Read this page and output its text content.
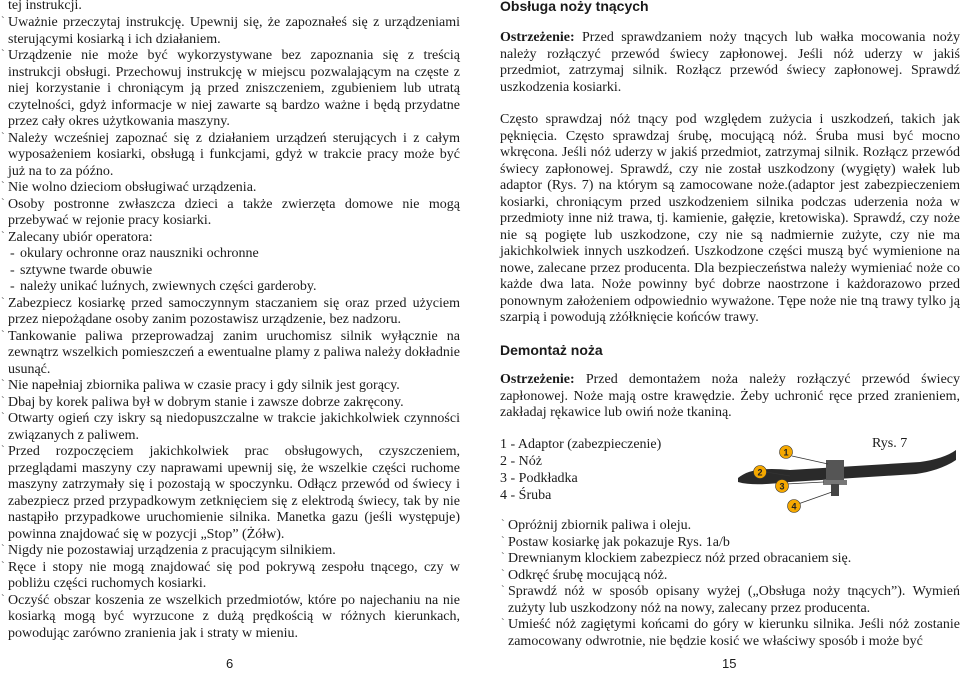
tej instrukcji.
` Uważnie przeczytaj instrukcję. Upewnij się, że zapoznałeś się z urządzeniami sterującymi kosiarką i ich działaniem.
` Urządzenie nie może być wykorzystywane bez zapoznania się z treścią instrukcji obsługi. Przechowuj instrukcję w miejscu pozwalającym na częste z niej korzystanie i chroniącym ją przed zniszczeniem, zgubieniem lub utratą czytelności, gdyż informacje w niej zawarte są bardzo ważne i będą przydatne przez cały okres użytkowania maszyny.
` Należy wcześniej zapoznać się z działaniem urządzeń sterujących i z całym wyposażeniem kosiarki, obsługą i funkcjami, gdyż w trakcie pracy może być już na to za późno.
` Nie wolno dzieciom obsługiwać urządzenia.
` Osoby postronne zwłaszcza dzieci a także zwierzęta domowe nie mogą przebywać w rejonie pracy kosiarki.
` Zalecany ubiór operatora:
- okulary ochronne oraz nauszniki ochronne
- sztywne twarde obuwie
- należy unikać luźnych, zwiewnych części garderoby.
` Zabezpiecz kosiarkę przed samoczynnym staczaniem się oraz przed użyciem przez niepożądane osoby zanim pozostawisz urządzenie, bez nadzoru.
` Tankowanie paliwa przeprowadzaj zanim uruchomisz silnik wyłącznie na zewnątrz wszelkich pomieszczeń a ewentualne plamy z paliwa należy dokładnie usunąć.
` Nie napełniaj zbiornika paliwa w czasie pracy i gdy silnik jest gorący.
` Dbaj by korek paliwa był w dobrym stanie i zawsze dobrze zakręcony.
` Otwarty ogień czy iskry są niedopuszczalne w trakcie jakichkolwiek czynności związanych z paliwem.
` Przed rozpoczęciem jakichkolwiek prac obsługowych, czyszczeniem, przeglądami maszyny czy naprawami upewnij się, że wszelkie części ruchome maszyny zatrzymały się i pozostają w spoczynku. Odłącz przewód od świecy i zabezpiecz przed przypadkowym zetknięciem się z elektrodą świecy, tak by nie nastąpiło przypadkowe uruchomienie silnika. Manetka gazu (jeśli występuje) powinna znajdować się w pozycji „Stop” (Żółw).
` Nigdy nie pozostawiaj urządzenia z pracującym silnikiem.
` Ręce i stopy nie mogą znajdować się pod pokrywą zespołu tnącego, czy w pobliżu części ruchomych kosiarki.
` Oczyść obszar koszenia ze wszelkich przedmiotów, które po najechaniu na nie kosiarką mogą być wyrzucone z dużą prędkością w różnych kierunkach, powodując zarówno zranienia jak i straty w mieniu.
6
Obsługa noży tnących
Ostrzeżenie: Przed sprawdzaniem noży tnących lub wałka mocowania noży należy rozłączyć przewód świecy zapłonowej. Jeśli nóż uderzy w jakiś przedmiot, zatrzymaj silnik. Rozłącz przewód świecy zapłonowej. Sprawdź uszkodzenia kosiarki.
Często sprawdzaj nóż tnący pod względem zużycia i uszkodzeń, takich jak pęknięcia. Często sprawdzaj śrubę, mocującą nóż. Śruba musi być mocno wkręcona. Jeśli nóż uderzy w jakiś przedmiot, zatrzymaj silnik. Rozłącz przewód świecy zapłonowej. Sprawdź, czy nie został uszkodzony (wygięty) wałek lub adaptor (Rys. 7) na którym są zamocowane noże.(adaptor jest zabezpieczeniem kosiarki, chroniącym przed uszkodzeniem silnika podczas uderzenia noża w przedmioty inne niż trawa, tj. kamienie, gałęzie, kretowiska). Sprawdź, czy noże nie są pogięte lub uszkodzone, czy nie są nadmiernie zużyte, czy nie ma jakichkolwiek innych uszkodzeń. Uszkodzone części muszą być wymienione na nowe, zalecane przez producenta. Dla bezpieczeństwa należy wymieniać noże co każde dwa lata. Noże powinny być dobrze naostrzone i każdorazowo przed ponownym założeniem odpowiednio wyważone. Tępe noże nie tną trawy tylko ją szarpią i powodują zżółknięcie końców trawy.
Demontaż noża
Ostrzeżenie: Przed demontażem noża należy rozłączyć przewód świecy zapłonowej. Noże mają ostre krawędzie. Żeby uchronić ręce przed zranieniem, zakładaj rękawice lub owiń noże tkaniną.
1 - Adaptor (zabezpieczenie)
2 - Nóż
3 - Podkładka
4 - Śruba
Rys. 7
1
2
3
4
` Opróżnij zbiornik paliwa i oleju.
` Postaw kosiarkę jak pokazuje Rys. 1a/b
` Drewnianym klockiem zabezpiecz nóż przed obracaniem się.
` Odkręć śrubę mocującą nóż.
` Sprawdź nóż w sposób opisany wyżej („Obsługa noży tnących”). Wymień zużyty lub uszkodzony nóż na nowy, zalecany przez producenta.
` Umieść nóż zagiętymi końcami do góry w kierunku silnika. Jeśli nóż zostanie zamocowany odwrotnie, nie będzie kosić we właściwy sposób i może być
15
